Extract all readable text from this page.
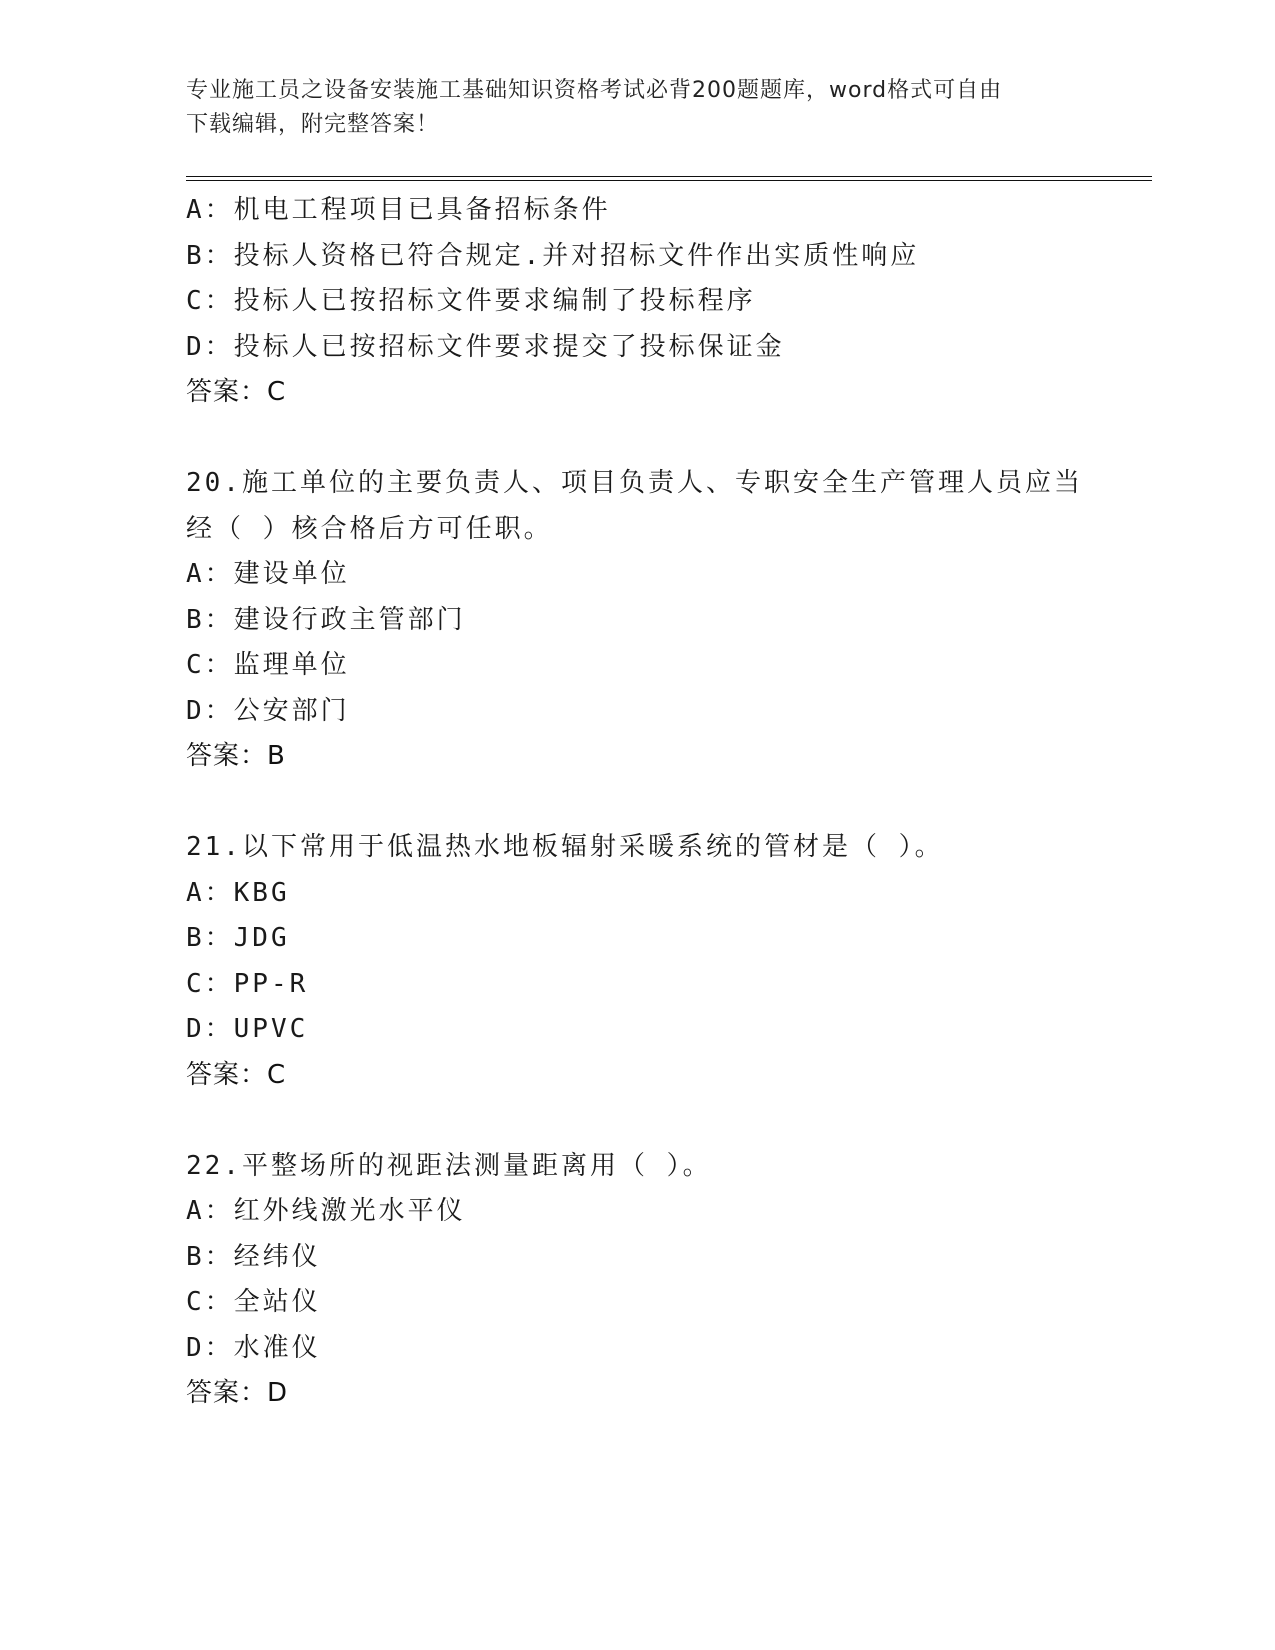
专业施工员之设备安装施工基础知识资格考试必背200题题库，word格式可自由
下载编辑，附完整答案！
A：机电工程项目已具备招标条件
B：投标人资格已符合规定.并对招标文件作出实质性响应
C：投标人已按招标文件要求编制了投标程序
D：投标人已按招标文件要求提交了投标保证金
答案：C
20.施工单位的主要负责人、项目负责人、专职安全生产管理人员应当
经（ ）核合格后方可任职。
A：建设单位
B：建设行政主管部门
C：监理单位
D：公安部门
答案：B
21.以下常用于低温热水地板辐射采暖系统的管材是（ ）。
A：KBG
B：JDG
C：PP-R
D：UPVC
答案：C
22.平整场所的视距法测量距离用（ ）。
A：红外线激光水平仪
B：经纬仪
C：全站仪
D：水准仪
答案：D
